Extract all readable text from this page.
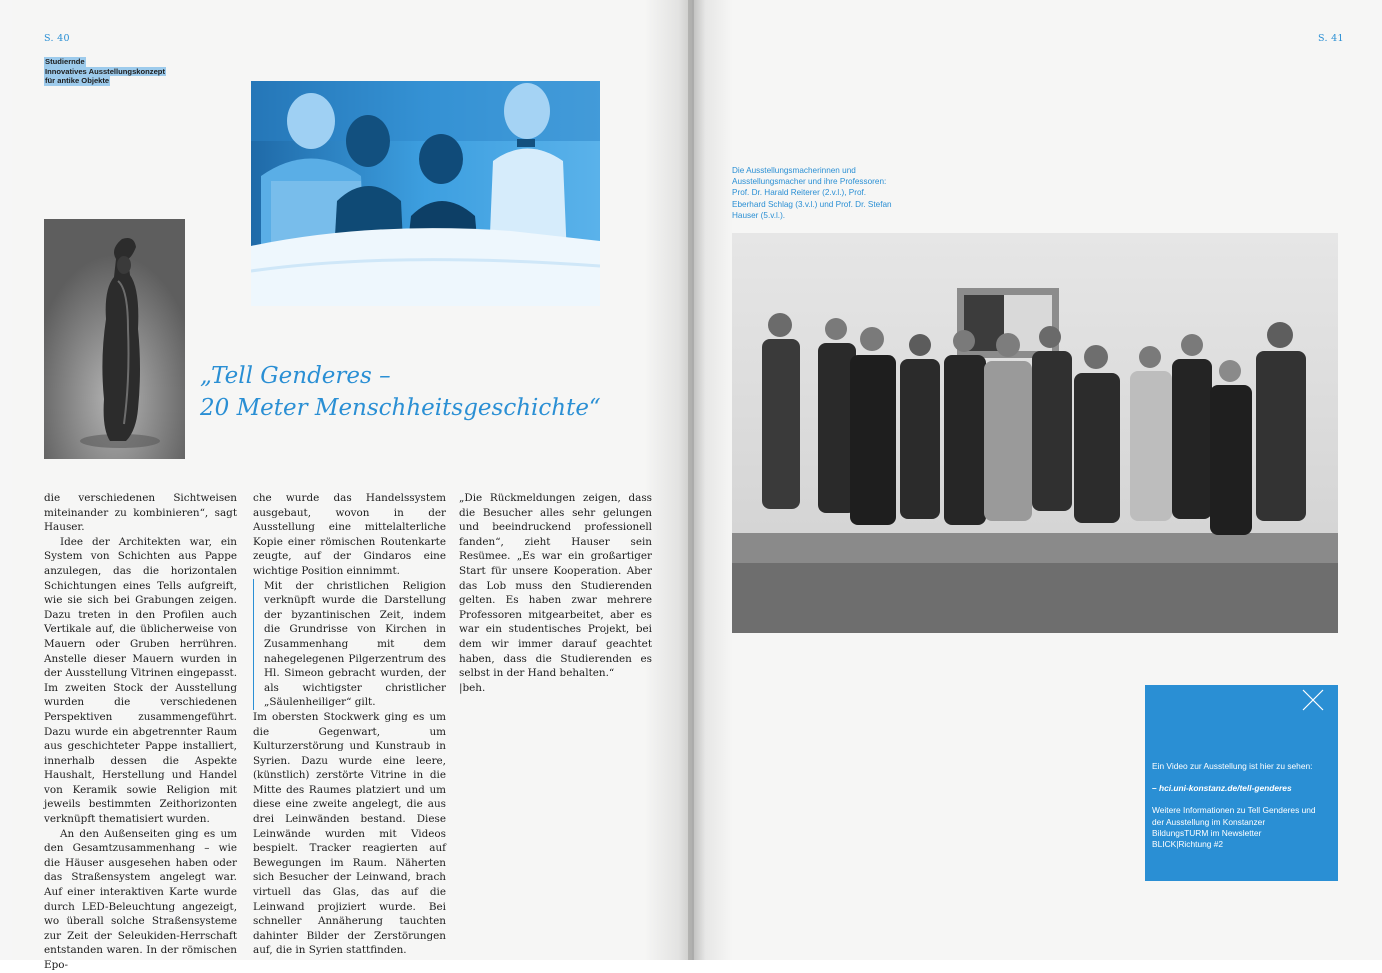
S. 40	S. 41
Studiernde
Innovatives Ausstellungskonzept
für antike Objekte
„Tell Genderes –
20 Meter Menschheitsgeschichte“

die verschiedenen Sichtweisen miteinander zu kombinieren“, sagt Hauser.

Idee der Architekten war, ein System von Schichten aus Pappe anzulegen, das die horizontalen Schichtungen eines Tells aufgreift, wie sie sich bei Grabungen zeigen. Dazu treten in den Profilen auch Vertikale auf, die üblicherweise von Mauern oder Gruben herrühren. Anstelle dieser Mauern wurden in der Ausstellung Vitrinen eingepasst. Im zweiten Stock der Ausstellung wurden die verschiedenen Perspektiven zusammengeführt. Dazu wurde ein abgetrennter Raum aus geschichteter Pappe installiert, innerhalb dessen die Aspekte Haushalt, Herstellung und Handel von Keramik sowie Religion mit jeweils bestimmten Zeithorizonten verknüpft thematisiert wurden.

An den Außenseiten ging es um den Gesamtzusammenhang – wie die Häuser ausgesehen haben oder das Straßensystem angelegt war. Auf einer interaktiven Karte wurde durch LED-Beleuchtung angezeigt, wo überall solche Straßensysteme zur Zeit der Seleukiden-Herrschaft entstanden waren. In der römischen Epo-

che wurde das Handelssystem ausgebaut, wovon in der Ausstellung eine mittelalterliche Kopie einer römischen Routenkarte zeugte, auf der Gindaros eine wichtige Position einnimmt.

Mit der christlichen Religion verknüpft wurde die Darstellung der byzantinischen Zeit, indem die Grundrisse von Kirchen in Zusammenhang mit dem nahegelegenen Pilgerzentrum des Hl. Simeon gebracht wurden, der als wichtigster christlicher „Säulenheiliger“ gilt.

Im obersten Stockwerk ging es um die Gegenwart, um Kulturzerstörung und Kunstraub in Syrien. Dazu wurde eine leere, (künstlich) zerstörte Vitrine in die Mitte des Raumes platziert und um diese eine zweite angelegt, die aus drei Leinwänden bestand. Diese Leinwände wurden mit Videos bespielt. Tracker reagierten auf Bewegungen im Raum. Näherten sich Besucher der Leinwand, brach virtuell das Glas, das auf die Leinwand projiziert wurde. Bei schneller Annäherung tauchten dahinter Bilder der Zerstörungen auf, die in Syrien stattfinden.

„Die Rückmeldungen zeigen, dass die Besucher alles sehr gelungen und beeindruckend professionell fanden“, zieht Hauser sein Resümee. „Es war ein großartiger Start für unsere Kooperation. Aber das Lob muss den Studierenden gelten. Es haben zwar mehrere Professoren mitgearbeitet, aber es war ein studentisches Projekt, bei dem wir immer darauf geachtet haben, dass die Studierenden es selbst in der Hand behalten.“

|beh.

Die Ausstellungsmacherinnen und Ausstellungsmacher und ihre Professoren: Prof. Dr. Harald Reiterer (2.v.l.), Prof. Eberhard Schlag (3.v.l.) und Prof. Dr. Stefan Hauser (5.v.l.).
Ein Video zur Ausstellung ist hier zu sehen:
– hci.uni-konstanz.de/tell-genderes
Weitere Informationen zu Tell Genderes und der Ausstellung im Konstanzer BildungsTURM im Newsletter BLICK|Richtung #2
